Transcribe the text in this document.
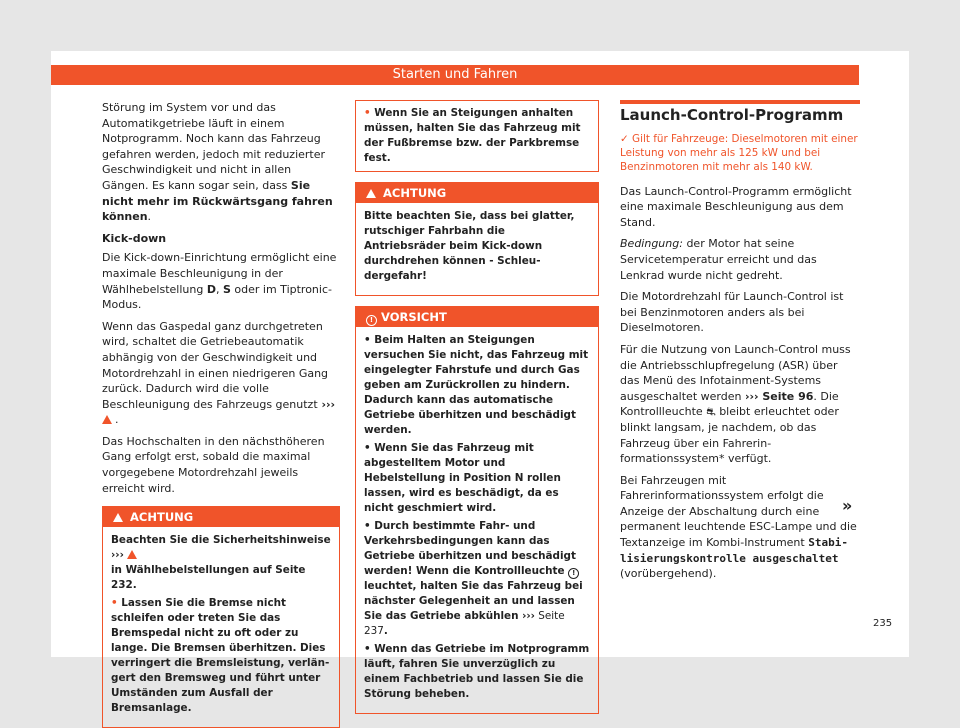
Starten und Fahren

Störung im System vor und das Automatikgetriebe läuft in einem Notprogramm. Noch kann das Fahrzeug gefahren werden, jedoch mit reduzierter Geschwindigkeit und nicht in allen Gängen. Es kann sogar sein, dass Sie nicht mehr im Rückwärtsgang fahren können.

Kick-down

Die Kick-down-Einrichtung ermöglicht eine maximale Beschleunigung in der Wählhebelstellung D, S oder im Tiptronic-Modus.

Wenn das Gaspedal ganz durchgetreten wird, schaltet die Getriebeautomatik abhängig von der Geschwindigkeit und Motordrehzahl in einen niedrigeren Gang zurück. Dadurch wird die volle Beschleunigung des Fahrzeugs genutzt ››› .

Das Hochschalten in den nächsthöheren Gang erfolgt erst, sobald die maximal vorgegebene Motordrehzahl jeweils erreicht wird.

ACHTUNG

Beachten Sie die Sicherheitshinweise ›››
in Wählhebelstellungen auf Seite 232.

• Lassen Sie die Bremse nicht schleifen oder treten Sie das Bremspedal nicht zu oft oder zu lange. Die Bremsen überhitzen. Dies verringert die Bremsleistung, verlängert den Bremsweg und führt unter Umständen zum Ausfall der Bremsanlage.

• Wenn Sie an Steigungen anhalten müssen, halten Sie das Fahrzeug mit der Fußbremse bzw. der Parkbremse fest.
ACHTUNG

Bitte beachten Sie, dass bei glatter, rutschiger Fahrbahn die Antriebsräder beim Kick-down durchdrehen können - Schleudergefahr!

! VORSICHT

• Beim Halten an Steigungen versuchen Sie nicht, das Fahrzeug mit eingelegter Fahrstufe und durch Gas geben am Zurückrollen zu hindern. Dadurch kann das automatische Getriebe überhitzen und beschädigt werden.

• Wenn Sie das Fahrzeug mit abgestelltem Motor und Hebelstellung in Position N rollen lassen, wird es beschädigt, da es nicht geschmiert wird.

• Durch bestimmte Fahr- und Verkehrsbedingungen kann das Getriebe überhitzen und beschädigt werden! Wenn die Kontrollleuchte ! leuchtet, halten Sie das Fahrzeug bei nächster Gelegenheit an und lassen Sie das Getriebe abkühlen ››› Seite 237.

• Wenn das Getriebe im Notprogramm läuft, fahren Sie unverzüglich zu einem Fachbetrieb und lassen Sie die Störung beheben.

Launch-Control-Programm

✓ Gilt für Fahrzeuge: Dieselmotoren mit einer Leistung von mehr als 125 kW und bei Benzinmotoren mit mehr als 140 kW.

Das Launch-Control-Programm ermöglicht eine maximale Beschleunigung aus dem Stand.

Bedingung: der Motor hat seine Servicetemperatur erreicht und das Lenkrad wurde nicht gedreht.

Die Motordrehzahl für Launch-Control ist bei Benzinmotoren anders als bei Dieselmotoren.

Für die Nutzung von Launch-Control muss die Antriebsschlupfregelung (ASR) über das Menü des Infotainment-Systems ausgeschaltet werden ››› Seite 96. Die Kontrollleuchte ⛐ bleibt erleuchtet oder blinkt langsam, je nachdem, ob das Fahrzeug über ein Fahrerinformationssystem* verfügt.

Bei Fahrzeugen mit Fahrerinformationssystem erfolgt die Anzeige der Abschaltung durch eine permanent leuchtende ESC-Lampe und die Textanzeige im Kombi-Instrument Stabilisierungskontrolle ausgeschaltet (vorübergehend).

»
235
